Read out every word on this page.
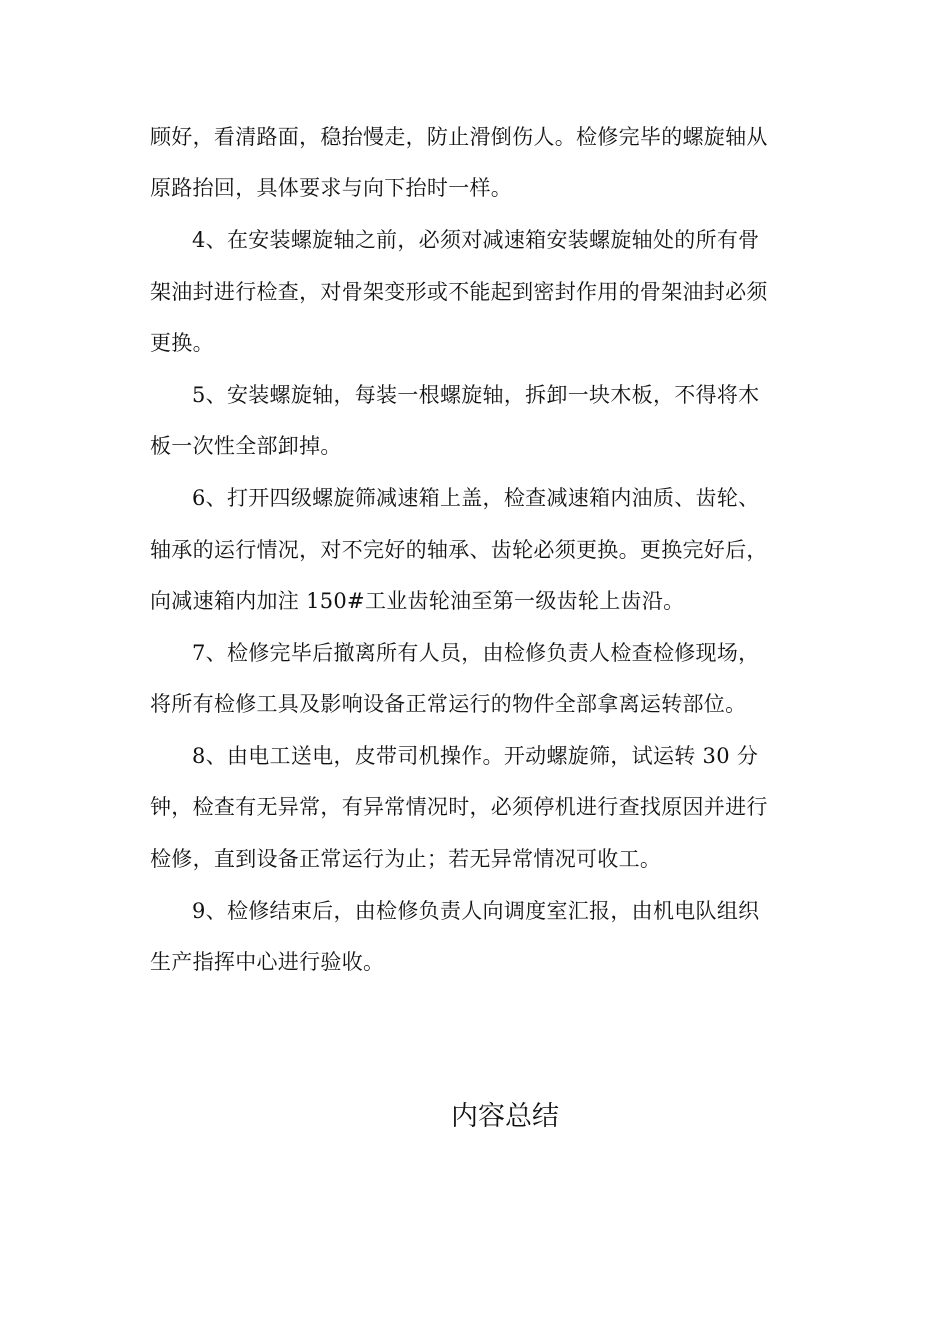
顾好，看清路面，稳抬慢走，防止滑倒伤人。检修完毕的螺旋轴从
原路抬回，具体要求与向下抬时一样。
4、在安装螺旋轴之前，必须对减速箱安装螺旋轴处的所有骨
架油封进行检查，对骨架变形或不能起到密封作用的骨架油封必须
更换。
5、安装螺旋轴，每装一根螺旋轴，拆卸一块木板，不得将木
板一次性全部卸掉。
6、打开四级螺旋筛减速箱上盖，检查减速箱内油质、齿轮、
轴承的运行情况，对不完好的轴承、齿轮必须更换。更换完好后，
向减速箱内加注 150#工业齿轮油至第一级齿轮上齿沿。
7、检修完毕后撤离所有人员，由检修负责人检查检修现场，
将所有检修工具及影响设备正常运行的物件全部拿离运转部位。
8、由电工送电，皮带司机操作。开动螺旋筛，试运转 30 分
钟，检查有无异常，有异常情况时，必须停机进行查找原因并进行
检修，直到设备正常运行为止；若无异常情况可收工。
9、检修结束后，由检修负责人向调度室汇报，由机电队组织
生产指挥中心进行验收。
内容总结
